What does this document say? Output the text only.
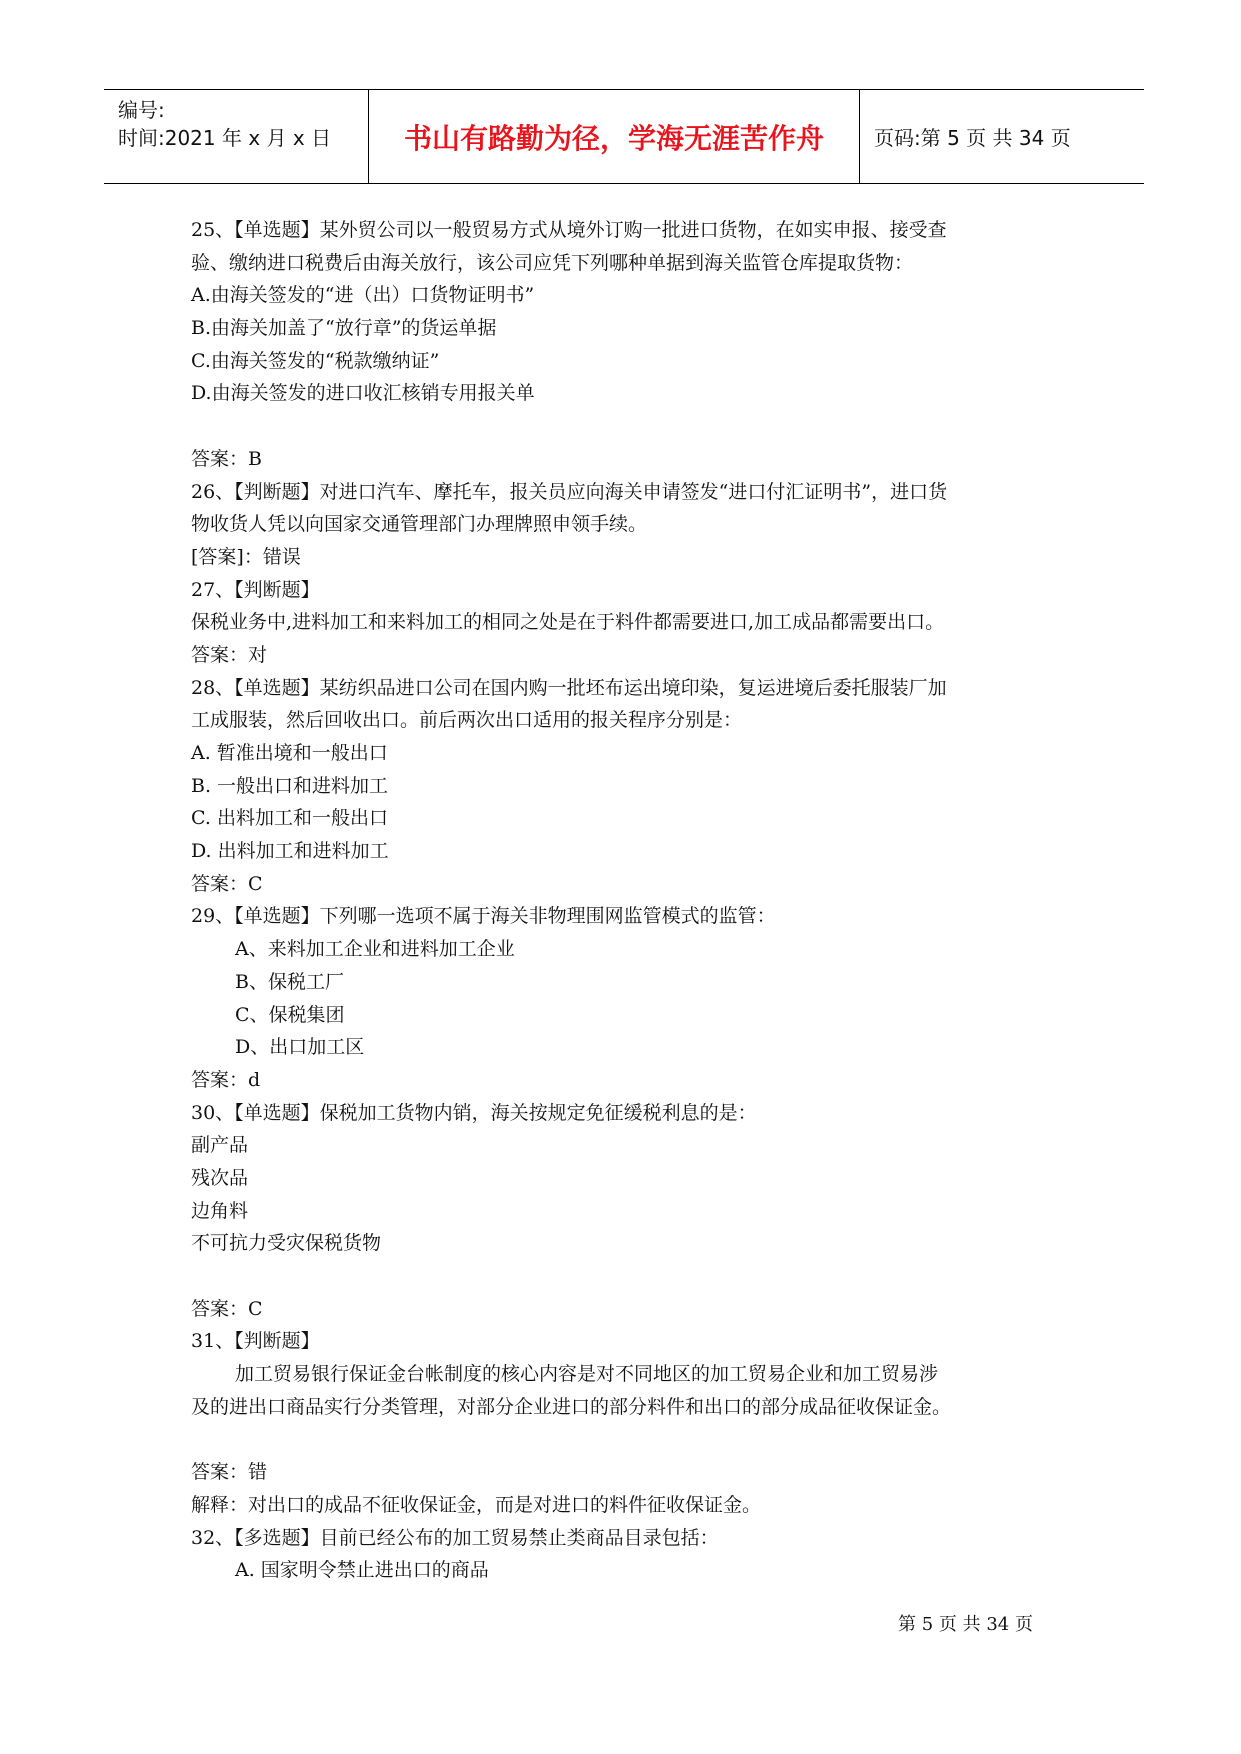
编号:
时间:2021 年 x 月 x 日	书山有路勤为径，学海无涯苦作舟	页码:第 5 页 共 34 页
25、【单选题】某外贸公司以一般贸易方式从境外订购一批进口货物，在如实申报、接受查
验、缴纳进口税费后由海关放行，该公司应凭下列哪种单据到海关监管仓库提取货物：
A.由海关签发的“进（出）口货物证明书”
B.由海关加盖了“放行章”的货运单据
C.由海关签发的“税款缴纳证”
D.由海关签发的进口收汇核销专用报关单
答案：B
26、【判断题】对进口汽车、摩托车，报关员应向海关申请签发“进口付汇证明书”，进口货
物收货人凭以向国家交通管理部门办理牌照申领手续。
[答案]：错误
27、【判断题】
保税业务中,进料加工和来料加工的相同之处是在于料件都需要进口,加工成品都需要出口。
答案：对
28、【单选题】某纺织品进口公司在国内购一批坯布运出境印染，复运进境后委托服装厂加
工成服装，然后回收出口。前后两次出口适用的报关程序分别是：
A. 暂准出境和一般出口
B. 一般出口和进料加工
C. 出料加工和一般出口
D. 出料加工和进料加工
答案：C
29、【单选题】下列哪一选项不属于海关非物理围网监管模式的监管：
A、来料加工企业和进料加工企业
B、保税工厂
C、保税集团
D、出口加工区
答案：d
30、【单选题】保税加工货物内销，海关按规定免征缓税利息的是：
副产品
残次品
边角料
不可抗力受灾保税货物
答案：C
31、【判断题】
加工贸易银行保证金台帐制度的核心内容是对不同地区的加工贸易企业和加工贸易涉
及的进出口商品实行分类管理，对部分企业进口的部分料件和出口的部分成品征收保证金。
答案：错
解释：对出口的成品不征收保证金，而是对进口的料件征收保证金。
32、【多选题】目前已经公布的加工贸易禁止类商品目录包括：
A. 国家明令禁止进出口的商品
第 5 页 共 34 页
